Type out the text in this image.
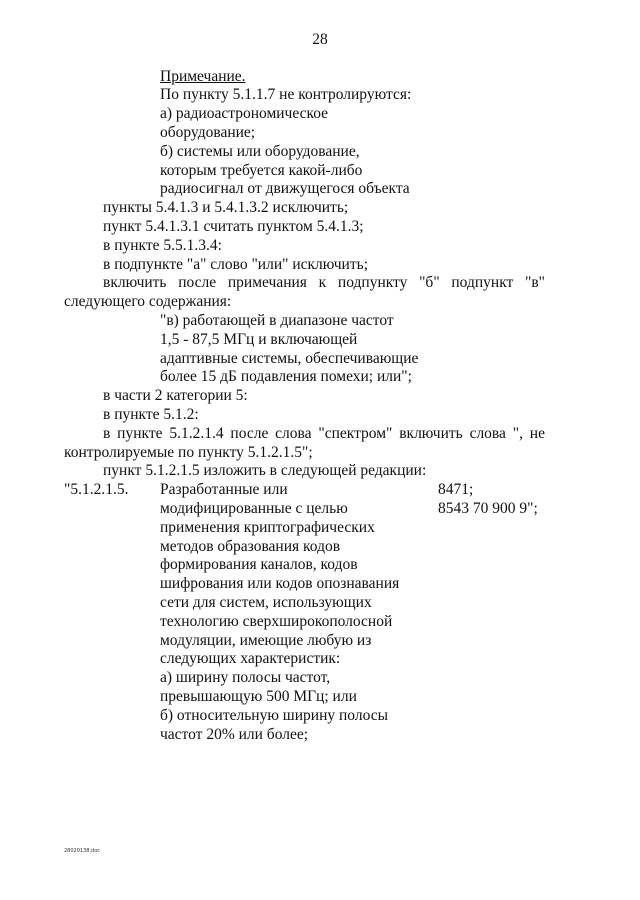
28
Примечание.
По пункту 5.1.1.7 не контролируются:
а) радиоастрономическое
оборудование;
б) системы или оборудование,
которым требуется какой-либо
радиосигнал от движущегося объекта
пункты 5.4.1.3 и 5.4.1.3.2 исключить;
пункт 5.4.1.3.1 считать пунктом 5.4.1.3;
в пункте 5.5.1.3.4:
в подпункте "а" слово "или" исключить;
включить после примечания к подпункту "б" подпункт "в"
следующего содержания:
"в) работающей в диапазоне частот
1,5 - 87,5 МГц и включающей
адаптивные системы, обеспечивающие
более 15 дБ подавления помехи; или";
в части 2 категории 5:
в пункте 5.1.2:
в пункте 5.1.2.1.4 после слова "спектром" включить слова ", не
контролируемые по пункту 5.1.2.1.5";
пункт 5.1.2.1.5 изложить в следующей редакции:
"5.1.2.1.5.	8471;
8543 70 900 9";
Разработанные или
модифицированные с целью
применения криптографических
методов образования кодов
формирования каналов, кодов
шифрования или кодов опознавания
сети для систем, использующих
технологию сверхширокополосной
модуляции, имеющие любую из
следующих характеристик:
а) ширину полосы частот,
превышающую 500 МГц; или
б) относительную ширину полосы
частот 20% или более;
28020138.doc
